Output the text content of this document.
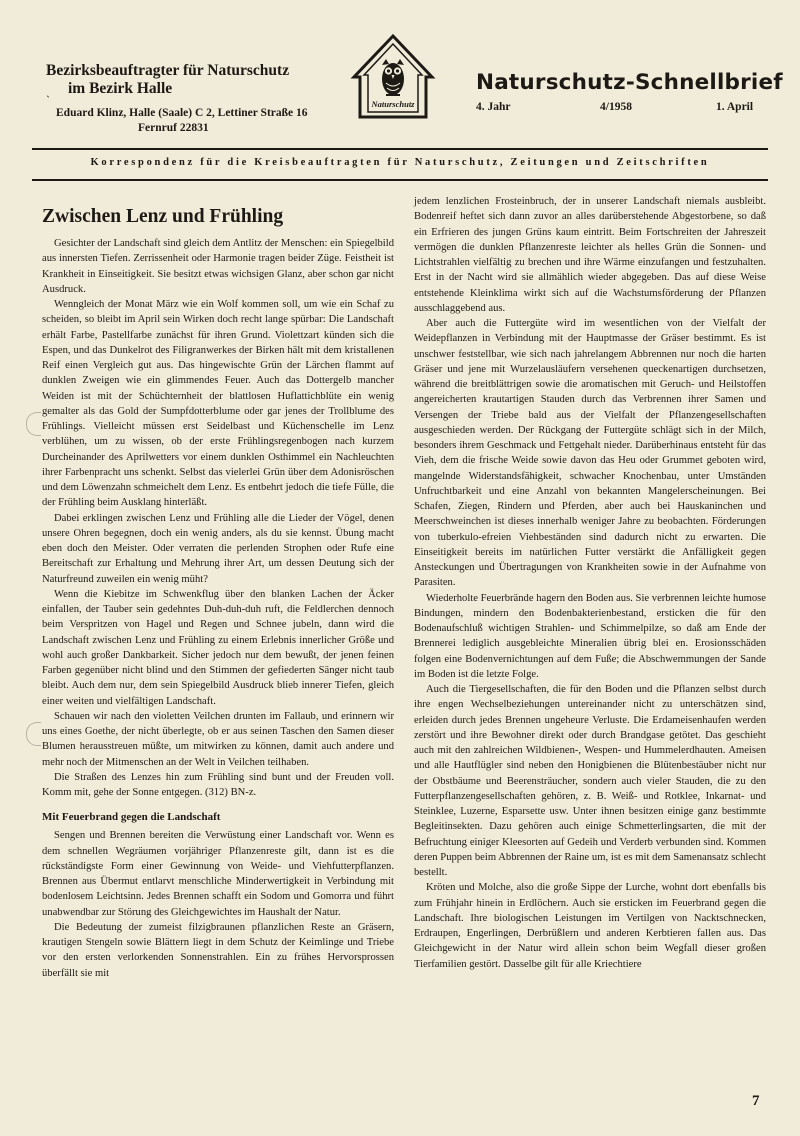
ˎ

Bezirksbeauftragter für Naturschutz

im Bezirk Halle

Eduard Klinz, Halle (Saale) C 2, Lettiner Straße 16
Fernruf 22831
Naturschutz

Naturschutz-Schnellbrief

4. Jahr	4/1958	1. April
Korrespondenz für die Kreisbeauftragten für Naturschutz, Zeitungen und Zeitschriften
Zwischen Lenz und Frühling

Gesichter der Landschaft sind gleich dem Antlitz der Menschen: ein Spiegelbild aus innersten Tiefen. Zerrissenheit oder Harmonie tragen beider Züge. Feistheit ist Krankheit in Einseitigkeit. Sie besitzt etwas wichsigen Glanz, aber schon gar nicht Ausdruck.

Wenngleich der Monat März wie ein Wolf kommen soll, um wie ein Schaf zu scheiden, so bleibt im April sein Wirken doch recht lange spürbar: Die Landschaft erhält Farbe, Pastellfarbe zunächst für ihren Grund. Violettzart künden sich die Espen, und das Dunkelrot des Filigranwerkes der Birken hält mit dem kristallenen Reif einen Vergleich gut aus. Das hingewischte Grün der Lärchen flammt auf dunklen Zweigen wie ein glimmendes Feuer. Auch das Dottergelb mancher Weiden ist mit der Schüchternheit der blattlosen Huflattichblüte ein wenig gemalter als das Gold der Sumpfdotterblume oder gar jenes der Trollblume des Frühlings. Vielleicht müssen erst Seidelbast und Küchenschelle im Lenz verblühen, um zu wissen, ob der erste Frühlingsregenbogen nach kurzem Durcheinander des Aprilwetters vor einem dunklen Osthimmel ein Nachleuchten ihrer Farbenpracht uns schenkt. Selbst das vielerlei Grün über dem Adonisröschen und dem Löwenzahn schmeichelt dem Lenz. Es entbehrt jedoch die tiefe Fülle, die der Frühling beim Ausklang hinterläßt.

Dabei erklingen zwischen Lenz und Frühling alle die Lieder der Vögel, denen unsere Ohren begegnen, doch ein wenig anders, als du sie kennst. Übung macht eben doch den Meister. Oder verraten die perlenden Strophen oder Rufe eine Bereitschaft zur Erhaltung und Mehrung ihrer Art, um dessen Deutung sich der Naturfreund zuweilen ein wenig müht?

Wenn die Kiebitze im Schwenkflug über den blanken Lachen der Äcker einfallen, der Tauber sein gedehntes Duh-duh-duh ruft, die Feldlerchen dennoch beim Verspritzen von Hagel und Regen und Schnee jubeln, dann wird die Landschaft zwischen Lenz und Frühling zu einem Erlebnis innerlicher Größe und wohl auch großer Dankbarkeit. Sicher jedoch nur dem bewußt, der jenen feinen Farben gegenüber nicht blind und den Stimmen der gefiederten Sänger nicht taub bleibt. Auch dem nur, dem sein Spiegelbild Ausdruck blieb innerer Tiefen, gleich einer weiten und vielfältigen Landschaft.

Schauen wir nach den violetten Veilchen drunten im Fallaub, und erinnern wir uns eines Goethe, der nicht überlegte, ob er aus seinen Taschen den Samen dieser Blumen herausstreuen müßte, um mitwirken zu können, damit auch andere und mehr noch der Mitmenschen an der Welt in Veilchen teilhaben.

Die Straßen des Lenzes hin zum Frühling sind bunt und der Freuden voll. Komm mit, gehe der Sonne entgegen. (312) BN-z.

Mit Feuerbrand gegen die Landschaft

Sengen und Brennen bereiten die Verwüstung einer Landschaft vor. Wenn es dem schnellen Wegräumen vorjähriger Pflanzenreste gilt, dann ist es die rückständigste Form einer Gewinnung von Weide- und Viehfutterpflanzen. Brennen aus Übermut entlarvt menschliche Minderwertigkeit in Verbindung mit bodenlosem Leichtsinn. Jedes Brennen schafft ein Sodom und Gomorra und führt unabwendbar zur Störung des Gleichgewichtes im Haushalt der Natur.

Die Bedeutung der zumeist filzigbraunen pflanzlichen Reste an Gräsern, krautigen Stengeln sowie Blättern liegt in dem Schutz der Keimlinge und Triebe vor den ersten verlorkenden Sonnenstrahlen. Ein zu frühes Hervorsprossen überfällt sie mit

jedem lenzlichen Frosteinbruch, der in unserer Landschaft niemals ausbleibt. Bodenreif heftet sich dann zuvor an alles darüberstehende Abgestorbene, so daß ein Erfrieren des jungen Grüns kaum eintritt. Beim Fortschreiten der Jahreszeit vermögen die dunklen Pflanzenreste leichter als helles Grün die Sonnen- und Lichtstrahlen vielfältig zu brechen und ihre Wärme einzufangen und festzuhalten. Erst in der Nacht wird sie allmählich wieder abgegeben. Das auf diese Weise entstehende Kleinklima wirkt sich auf die Wachstumsförderung der Pflanzen ausschlaggebend aus.

Aber auch die Futtergüte wird im wesentlichen von der Vielfalt der Weidepflanzen in Verbindung mit der Hauptmasse der Gräser bestimmt. Es ist unschwer feststellbar, wie sich nach jahrelangem Abbrennen nur noch die harten Gräser und jene mit Wurzelausläufern versehenen queckenartigen durchsetzen, während die breitblättrigen sowie die aromatischen mit Geruch- und Heilstoffen angereicherten krautartigen Stauden durch das Verbrennen ihrer Samen und Versengen der Triebe bald aus der Vielfalt der Pflanzengesellschaften ausgeschieden werden. Der Rückgang der Futtergüte schlägt sich in der Milch, besonders ihrem Geschmack und Fettgehalt nieder. Darüberhinaus entsteht für das Vieh, dem die frische Weide sowie davon das Heu oder Grummet geboten wird, mangelnde Widerstandsfähigkeit, schwacher Knochenbau, unter Umständen Unfruchtbarkeit und eine Anzahl von bekannten Mangelerscheinungen. Bei Schafen, Ziegen, Rindern und Pferden, aber auch bei Hauskaninchen und Meerschweinchen ist dieses innerhalb weniger Jahre zu beobachten. Förderungen von tuberkulo-efreien Viehbeständen sind dadurch nicht zu erwarten. Die Einseitigkeit bereits im natürlichen Futter verstärkt die Anfälligkeit gegen Ansteckungen und Übertragungen von Krankheiten sowie in der Aufnahme von Parasiten.

Wiederholte Feuerbrände hagern den Boden aus. Sie verbrennen leichte humose Bindungen, mindern den Bodenbakterienbestand, ersticken die für den Bodenaufschluß wichtigen Strahlen- und Schimmelpilze, so daß am Ende der Brennerei lediglich ausgebleichte Mineralien übrig blei en. Erosionsschäden folgen eine Bodenvernichtungen auf dem Fuße; die Abschwemmungen der Sande im Boden ist die letzte Folge.

Auch die Tiergesellschaften, die für den Boden und die Pflanzen selbst durch ihre engen Wechselbeziehungen untereinander nicht zu unterschätzen sind, erleiden durch jedes Brennen ungeheure Verluste. Die Erdameisenhaufen werden zerstört und ihre Bewohner direkt oder durch Brandgase getötet. Das geschieht auch mit den zahlreichen Wildbienen-, Wespen- und Hummelerdhauten. Ameisen und alle Hautflügler sind neben den Honigbienen die Blütenbestäuber nicht nur der Obstbäume und Beerensträucher, sondern auch vieler Stauden, die zu den Futterpflanzengesellschaften gehören, z. B. Weiß- und Rotklee, Inkarnat- und Steinklee, Luzerne, Esparsette usw. Unter ihnen besitzen einige ganz bestimmte Begleitinsekten. Dazu gehören auch einige Schmetterlingsarten, die mit der Befruchtung einiger Kleesorten auf Gedeih und Verderb verbunden sind. Kommen deren Puppen beim Abbrennen der Raine um, ist es mit dem Samenansatz schlecht bestellt.

Kröten und Molche, also die große Sippe der Lurche, wohnt dort ebenfalls bis zum Frühjahr hinein in Erdlöchern. Auch sie ersticken im Feuerbrand gegen die Landschaft. Ihre biologischen Leistungen im Vertilgen von Nacktschnecken, Erdraupen, Engerlingen, Derbrüßlern und anderen Kerbtieren fallen aus. Das Gleichgewicht in der Natur wird allein schon beim Wegfall dieser großen Tierfamilien gestört. Dasselbe gilt für alle Kriechtiere

7
